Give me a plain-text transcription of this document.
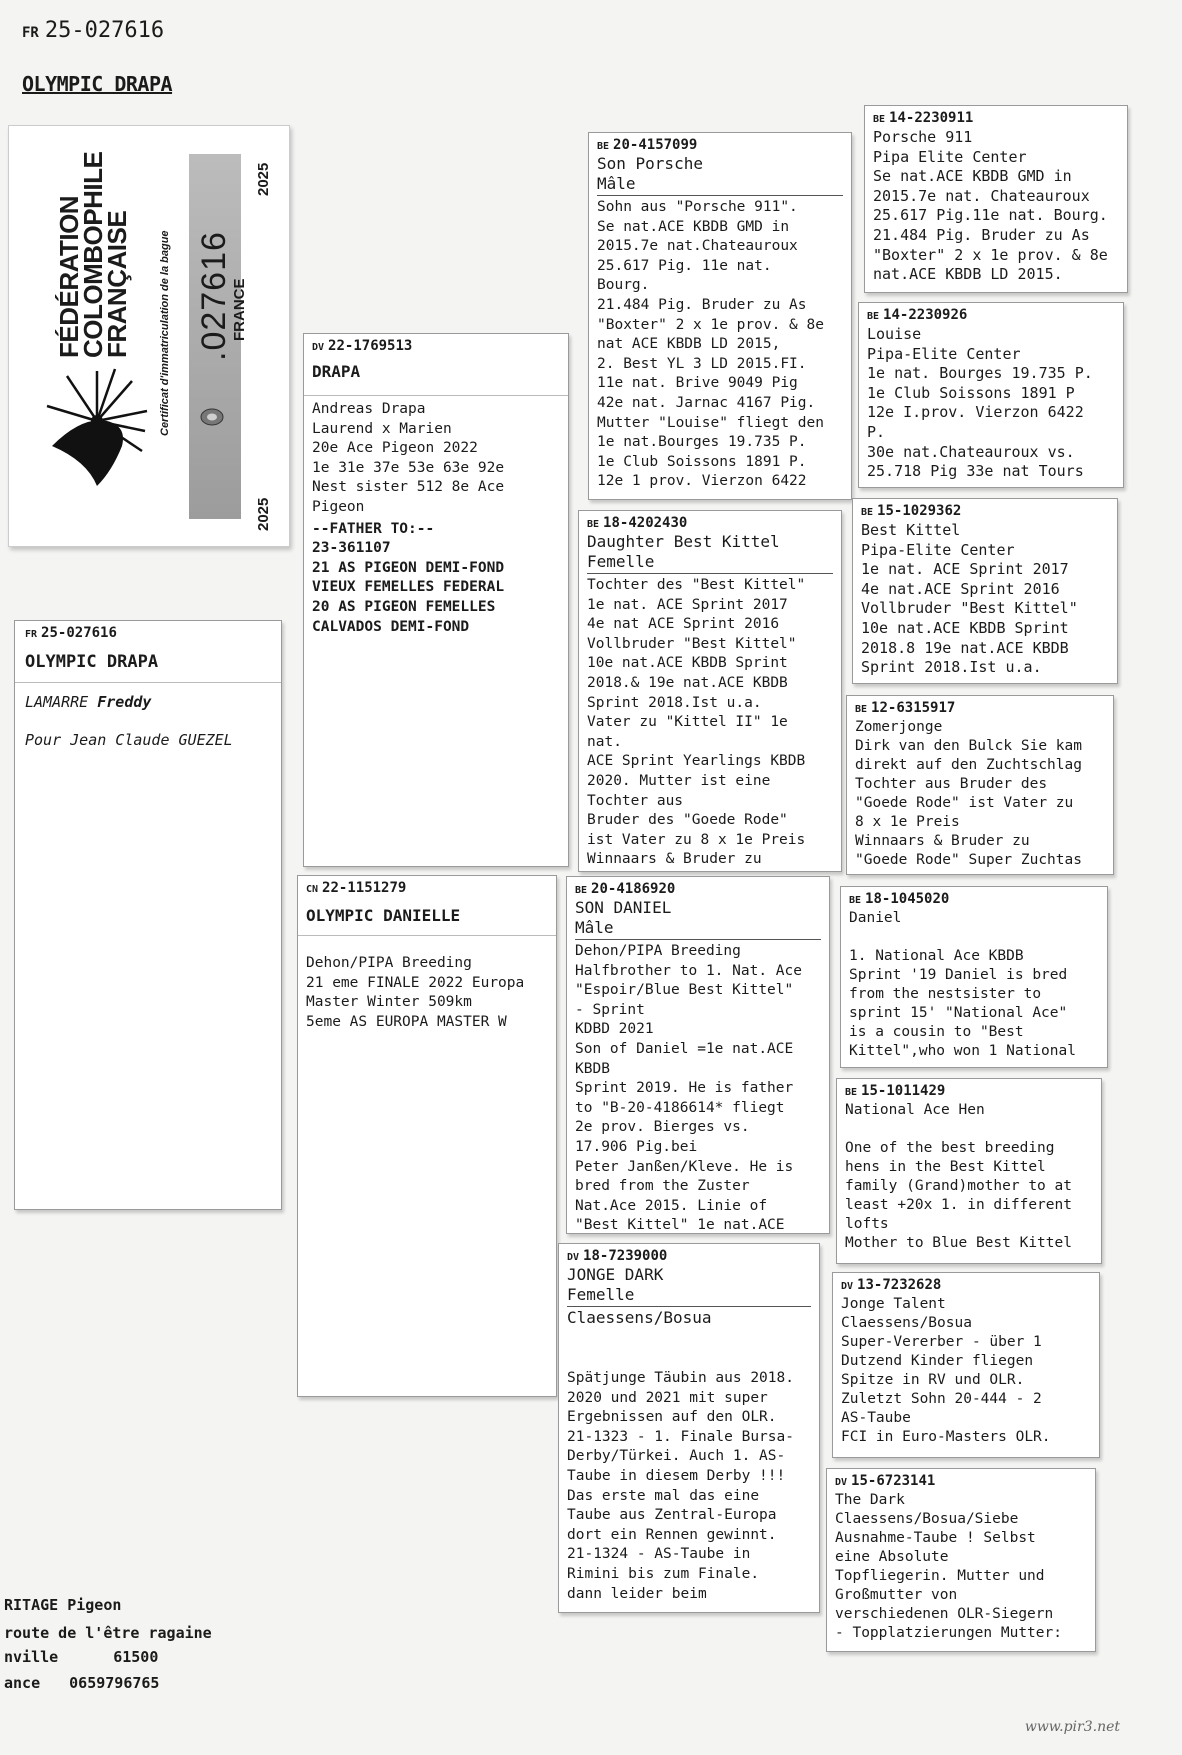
FR 25-027616
OLYMPIC DRAPA
FÉDÉRATION
COLOMBOPHILE
FRANÇAISE Certificat d'immatriculation de la bague .027616
FRANCE
2025
2025
FR 25-027616
OLYMPIC DRAPA
LAMARRE Freddy
Pour Jean Claude GUEZEL
DV 22-1769513
DRAPA
Andreas Drapa
Laurend x Marien
20e Ace Pigeon 2022
1e 31e 37e 53e 63e 92e
Nest sister 512 8e Ace
Pigeon
--FATHER TO:--
23-361107
21 AS PIGEON DEMI-FOND
VIEUX FEMELLES FEDERAL
20 AS PIGEON FEMELLES
CALVADOS DEMI-FOND
CN 22-1151279
OLYMPIC DANIELLE
Dehon/PIPA Breeding
21 eme FINALE 2022 Europa
Master Winter 509km
5eme AS EUROPA MASTER W
BE 20-4157099
Son Porsche
Mâle
Sohn aus "Porsche 911".
Se nat.ACE KBDB GMD in
2015.7e nat.Chateauroux
25.617 Pig. 11e nat.
Bourg.
21.484 Pig. Bruder zu As
"Boxter" 2 x 1e prov. & 8e
nat ACE KBDB LD 2015,
2. Best YL 3 LD 2015.FI.
11e nat. Brive 9049 Pig
42e nat. Jarnac 4167 Pig.
Mutter "Louise" fliegt den
1e nat.Bourges 19.735 P.
1e Club Soissons 1891 P.
12e 1 prov. Vierzon 6422
BE 18-4202430
Daughter Best Kittel
Femelle
Tochter des "Best Kittel"
1e nat. ACE Sprint 2017
4e nat ACE Sprint 2016
Vollbruder "Best Kittel"
10e nat.ACE KBDB Sprint
2018.& 19e nat.ACE KBDB
Sprint 2018.Ist u.a.
Vater zu "Kittel II" 1e
nat.
ACE Sprint Yearlings KBDB
2020. Mutter ist eine
Tochter aus
Bruder des "Goede Rode"
ist Vater zu 8 x 1e Preis
Winnaars & Bruder zu
BE 20-4186920
SON DANIEL
Mâle
Dehon/PIPA Breeding
Halfbrother to 1. Nat. Ace
"Espoir/Blue Best Kittel"
- Sprint
KDBD 2021
Son of Daniel =1e nat.ACE
KBDB
Sprint 2019. He is father
to "B-20-4186614* fliegt
2e prov. Bierges vs.
17.906 Pig.bei
Peter Janßen/Kleve. He is
bred from the Zuster
Nat.Ace 2015. Linie of
"Best Kittel" 1e nat.ACE
DV 18-7239000
JONGE DARK
Femelle
Claessens/Bosua
Spätjunge Täubin aus 2018.
2020 und 2021 mit super
Ergebnissen auf den OLR.
21-1323 - 1. Finale Bursa-
Derby/Türkei. Auch 1. AS-
Taube in diesem Derby !!!
Das erste mal das eine
Taube aus Zentral-Europa
dort ein Rennen gewinnt.
21-1324 - AS-Taube in
Rimini bis zum Finale.
dann leider beim
BE 14-2230911
Porsche 911
Pipa Elite Center
Se nat.ACE KBDB GMD in
2015.7e nat. Chateauroux
25.617 Pig.11e nat. Bourg.
21.484 Pig. Bruder zu As
"Boxter" 2 x 1e prov. & 8e
nat.ACE KBDB LD 2015.
BE 14-2230926
Louise
Pipa-Elite Center
1e nat. Bourges 19.735 P.
1e Club Soissons 1891 P
12e I.prov. Vierzon 6422
P.
30e nat.Chateauroux vs.
25.718 Pig 33e nat Tours
BE 15-1029362
Best Kittel
Pipa-Elite Center
1e nat. ACE Sprint 2017
4e nat.ACE Sprint 2016
Vollbruder "Best Kittel"
10e nat.ACE KBDB Sprint
2018.8 19e nat.ACE KBDB
Sprint 2018.Ist u.a.
BE 12-6315917
Zomerjonge
Dirk van den Bulck Sie kam
direkt auf den Zuchtschlag
Tochter aus Bruder des
"Goede Rode" ist Vater zu
8 x 1e Preis
Winnaars & Bruder zu
"Goede Rode" Super Zuchtas
BE 18-1045020
Daniel

1. National Ace KBDB
Sprint '19 Daniel is bred
from the nestsister to
sprint 15' "National Ace"
is a cousin to "Best
Kittel",who won 1 National
BE 15-1011429
National Ace Hen

One of the best breeding
hens in the Best Kittel
family (Grand)mother to at
least +20x 1. in different
lofts
Mother to Blue Best Kittel
DV 13-7232628
Jonge Talent
Claessens/Bosua
Super-Vererber - über 1
Dutzend Kinder fliegen
Spitze in RV und OLR.
Zuletzt Sohn 20-444 - 2
AS-Taube
FCI in Euro-Masters OLR.
DV 15-6723141
The Dark
Claessens/Bosua/Siebe
Ausnahme-Taube ! Selbst
eine Absolute
Topfliegerin. Mutter und
Großmutter von
verschiedenen OLR-Siegern
- Topplatzierungen Mutter:
RITAGE Pigeon
route de l'être ragaine
nville	61500
ance 0659796765
www.pir3.net
